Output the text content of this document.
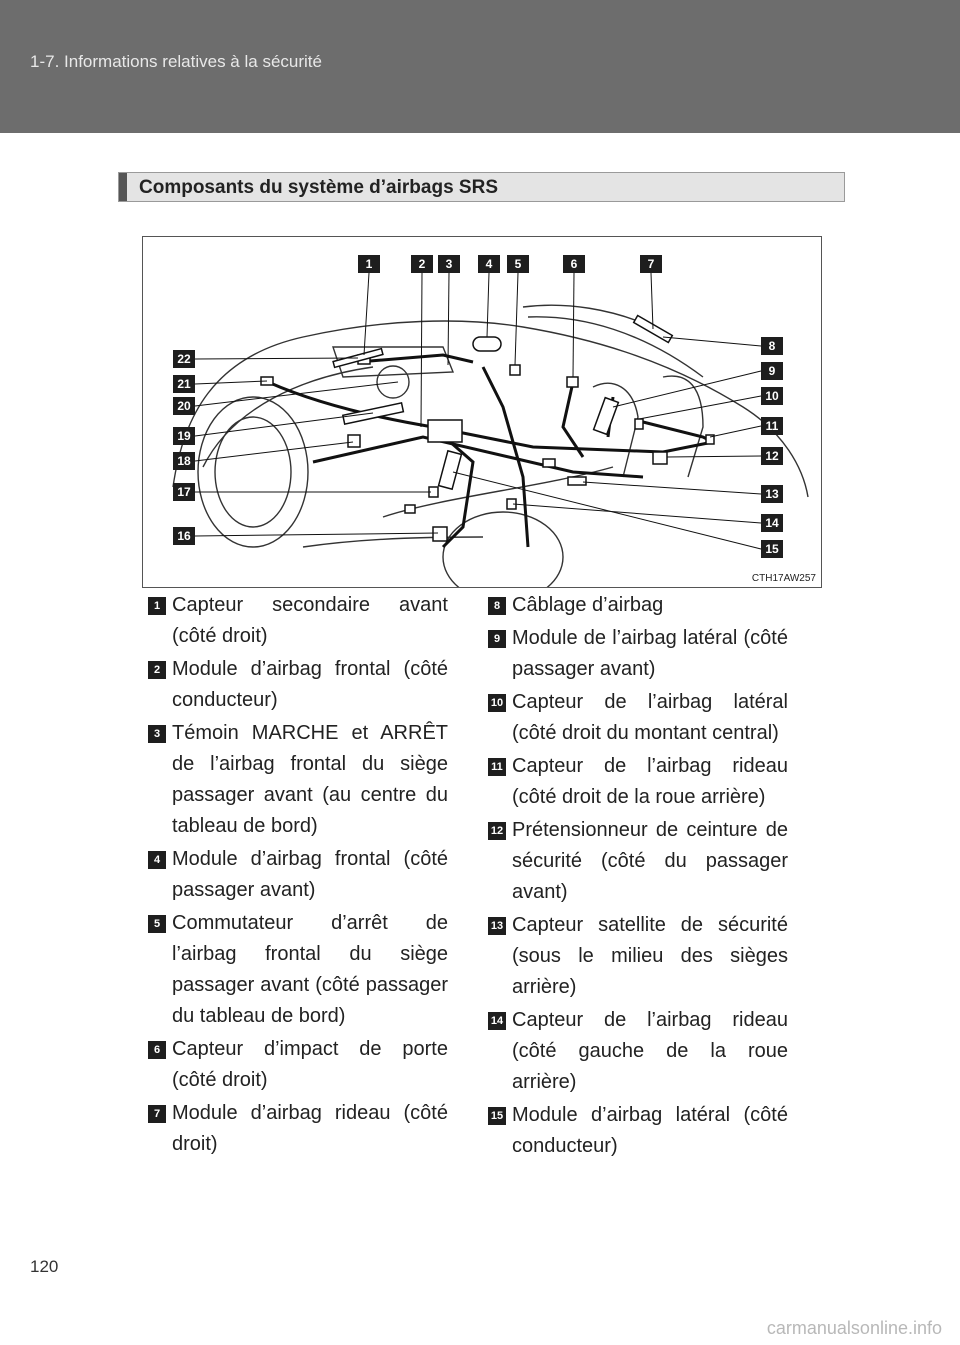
1-7. Informations relatives à la sécurité
Composants du système d’airbags SRS
1	2 3	4 5	6	7
8
9
10
11
12
13
14
15
16
17
18
19
20
21
22
CTH17AW257
1 Capteur secondaire avant (côté droit)
2 Module d’airbag frontal (côté conducteur)
3 Témoin MARCHE et ARRÊT de l’airbag frontal du siège passager avant (au centre du tableau de bord)
4 Module d’airbag frontal (côté passager avant)
5 Commutateur d’arrêt de l’airbag frontal du siège passager avant (côté passager du tableau de bord)
6 Capteur d’impact de porte (côté droit)
7 Module d’airbag rideau (côté droit)
8 Câblage d’airbag
9 Module de l’airbag latéral (côté passager avant)
10 Capteur de l’airbag latéral (côté droit du montant central)
11 Capteur de l’airbag rideau (côté droit de la roue arrière)
12 Prétensionneur de ceinture de sécurité (côté du passager avant)
13 Capteur satellite de sécurité (sous le milieu des sièges arrière)
14 Capteur de l’airbag rideau (côté gauche de la roue arrière)
15 Module d’airbag latéral (côté conducteur)
120
carmanualsonline.info
